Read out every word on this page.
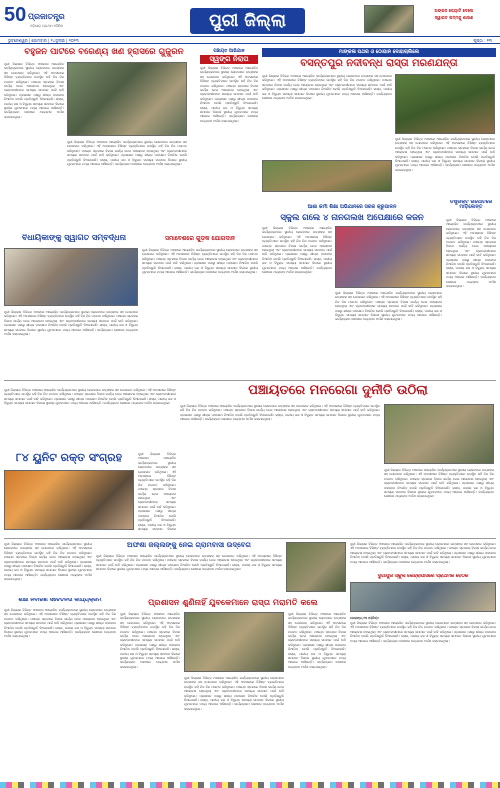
50 ପ୍ରଜାତନ୍ତ୍ର
ଓଡ଼ିଶାର ପ୍ରଥମ ଦୈନିକ	ପୁରୀ ଜିଲ୍ଲା
ଅଙ୍ଗନ ଜ୍ୟୋତି ଦେଲେ
ସ୍ୱାଗତ ପଦ୍ମକୁ ଶାରଣ
ଭୁବନେଶ୍ୱର | ସୋମବାର | ୨୪ଜୁଲାଇ | ୨୦୨୩	ପୃଷ୍ଠା : ୧୩
ବହୁଜନ ପାର୍ଟିରେ ବରେଣ୍ୟ ଖଣି ହ୍ରାସରେ ଗୁଜୁରନ
ପୁରୀ ଜିଲ୍ଲାର ବିଭିନ୍ନ ଅଞ୍ଚଳରେ ଆୟୋଜିତ କାର୍ଯ୍ୟକ୍ରମରେ ସ୍ଥାନୀୟ ଲୋକମାନେ ଉତ୍ସାହର ସହ ଯୋଗଦାନ କରିଥିଲେ। ଏହି ଅବସରରେ ବିଶିଷ୍ଟ ବ୍ୟକ୍ତିମାନେ ଉପସ୍ଥିତ ରହି ନିଜ ନିଜ ମତାମତ ରଖିଥିଲେ। ପଞ୍ଚାୟତ ସ୍ତରରେ ବିକାଶ କାର୍ଯ୍ୟ ନେଇ ଆଲୋଚନା ହୋଇଥିଲା ଏବଂ ଗ୍ରାମବାସୀମାନେ ସମସ୍ୟା ସମାଧାନ ପାଇଁ ଦାବି କରିଥିଲେ। ପ୍ରଶାସନ ପକ୍ଷରୁ ଶୀଘ୍ର ପଦକ୍ଷେପ ନିଆଯିବ ବୋଲି ପ୍ରତିଶ୍ରୁତି ଦିଆଯାଇଛି। ରାସ୍ତା, ପାନୀୟ ଜଳ ଓ ବିଦ୍ୟୁତ ସମସ୍ୟା ସମାଧାନ ଦିଗରେ ସ୍ଥାନୀୟ ଯୁବକମାନେ ମଧ୍ୟ ଆଗେଇ ଆସିଛନ୍ତି। କାର୍ଯ୍ୟକ୍ରମ ଶେଷରେ ଧନ୍ୟବାଦ ଅର୍ପଣ କରାଯାଇଥିଲା।
ପୁରୀ ଜିଲ୍ଲାର ବିଭିନ୍ନ ଅଞ୍ଚଳରେ ଆୟୋଜିତ କାର୍ଯ୍ୟକ୍ରମରେ ସ୍ଥାନୀୟ ଲୋକମାନେ ଉତ୍ସାହର ସହ ଯୋଗଦାନ କରିଥିଲେ। ଏହି ଅବସରରେ ବିଶିଷ୍ଟ ବ୍ୟକ୍ତିମାନେ ଉପସ୍ଥିତ ରହି ନିଜ ନିଜ ମତାମତ ରଖିଥିଲେ। ପଞ୍ଚାୟତ ସ୍ତରରେ ବିକାଶ କାର୍ଯ୍ୟ ନେଇ ଆଲୋଚନା ହୋଇଥିଲା ଏବଂ ଗ୍ରାମବାସୀମାନେ ସମସ୍ୟା ସମାଧାନ ପାଇଁ ଦାବି କରିଥିଲେ। ପ୍ରଶାସନ ପକ୍ଷରୁ ଶୀଘ୍ର ପଦକ୍ଷେପ ନିଆଯିବ ବୋଲି ପ୍ରତିଶ୍ରୁତି ଦିଆଯାଇଛି। ରାସ୍ତା, ପାନୀୟ ଜଳ ଓ ବିଦ୍ୟୁତ ସମସ୍ୟା ସମାଧାନ ଦିଗରେ ସ୍ଥାନୀୟ ଯୁବକମାନେ ମଧ୍ୟ ଆଗେଇ ଆସିଛନ୍ତି। କାର୍ଯ୍ୟକ୍ରମ ଶେଷରେ ଧନ୍ୟବାଦ ଅର୍ପଣ କରାଯାଇଥିଲା।
ପଞ୍ଚାୟତ ଆଭିଯାନ
ସ୍ୱଙ୍ଗ ନିରାପ
ପୁରୀ ଜିଲ୍ଲାର ବିଭିନ୍ନ ଅଞ୍ଚଳରେ ଆୟୋଜିତ କାର୍ଯ୍ୟକ୍ରମରେ ସ୍ଥାନୀୟ ଲୋକମାନେ ଉତ୍ସାହର ସହ ଯୋଗଦାନ କରିଥିଲେ। ଏହି ଅବସରରେ ବିଶିଷ୍ଟ ବ୍ୟକ୍ତିମାନେ ଉପସ୍ଥିତ ରହି ନିଜ ନିଜ ମତାମତ ରଖିଥିଲେ। ପଞ୍ଚାୟତ ସ୍ତରରେ ବିକାଶ କାର୍ଯ୍ୟ ନେଇ ଆଲୋଚନା ହୋଇଥିଲା ଏବଂ ଗ୍ରାମବାସୀମାନେ ସମସ୍ୟା ସମାଧାନ ପାଇଁ ଦାବି କରିଥିଲେ। ପ୍ରଶାସନ ପକ୍ଷରୁ ଶୀଘ୍ର ପଦକ୍ଷେପ ନିଆଯିବ ବୋଲି ପ୍ରତିଶ୍ରୁତି ଦିଆଯାଇଛି। ରାସ୍ତା, ପାନୀୟ ଜଳ ଓ ବିଦ୍ୟୁତ ସମସ୍ୟା ସମାଧାନ ଦିଗରେ ସ୍ଥାନୀୟ ଯୁବକମାନେ ମଧ୍ୟ ଆଗେଇ ଆସିଛନ୍ତି। କାର୍ଯ୍ୟକ୍ରମ ଶେଷରେ ଧନ୍ୟବାଦ ଅର୍ପଣ କରାଯାଇଥିଲା।
ମାଙ୍କଳା ପଥର ଓ ଠୋପାନ ଦୋହାଚାଲିଲେ
ବସନ୍ତପୁର ନଦୀବନ୍ଧ ରାସ୍ତା ମରଣଯନ୍ତା
ପୁରୀ ଜିଲ୍ଲାର ବିଭିନ୍ନ ଅଞ୍ଚଳରେ ଆୟୋଜିତ କାର୍ଯ୍ୟକ୍ରମରେ ସ୍ଥାନୀୟ ଲୋକମାନେ ଉତ୍ସାହର ସହ ଯୋଗଦାନ କରିଥିଲେ। ଏହି ଅବସରରେ ବିଶିଷ୍ଟ ବ୍ୟକ୍ତିମାନେ ଉପସ୍ଥିତ ରହି ନିଜ ନିଜ ମତାମତ ରଖିଥିଲେ। ପଞ୍ଚାୟତ ସ୍ତରରେ ବିକାଶ କାର୍ଯ୍ୟ ନେଇ ଆଲୋଚନା ହୋଇଥିଲା ଏବଂ ଗ୍ରାମବାସୀମାନେ ସମସ୍ୟା ସମାଧାନ ପାଇଁ ଦାବି କରିଥିଲେ। ପ୍ରଶାସନ ପକ୍ଷରୁ ଶୀଘ୍ର ପଦକ୍ଷେପ ନିଆଯିବ ବୋଲି ପ୍ରତିଶ୍ରୁତି ଦିଆଯାଇଛି। ରାସ୍ତା, ପାନୀୟ ଜଳ ଓ ବିଦ୍ୟୁତ ସମସ୍ୟା ସମାଧାନ ଦିଗରେ ସ୍ଥାନୀୟ ଯୁବକମାନେ ମଧ୍ୟ ଆଗେଇ ଆସିଛନ୍ତି। କାର୍ଯ୍ୟକ୍ରମ ଶେଷରେ ଧନ୍ୟବାଦ ଅର୍ପଣ କରାଯାଇଥିଲା।
ପୁରୀ ଜିଲ୍ଲାର ବିଭିନ୍ନ ଅଞ୍ଚଳରେ ଆୟୋଜିତ କାର୍ଯ୍ୟକ୍ରମରେ ସ୍ଥାନୀୟ ଲୋକମାନେ ଉତ୍ସାହର ସହ ଯୋଗଦାନ କରିଥିଲେ। ଏହି ଅବସରରେ ବିଶିଷ୍ଟ ବ୍ୟକ୍ତିମାନେ ଉପସ୍ଥିତ ରହି ନିଜ ନିଜ ମତାମତ ରଖିଥିଲେ। ପଞ୍ଚାୟତ ସ୍ତରରେ ବିକାଶ କାର୍ଯ୍ୟ ନେଇ ଆଲୋଚନା ହୋଇଥିଲା ଏବଂ ଗ୍ରାମବାସୀମାନେ ସମସ୍ୟା ସମାଧାନ ପାଇଁ ଦାବି କରିଥିଲେ। ପ୍ରଶାସନ ପକ୍ଷରୁ ଶୀଘ୍ର ପଦକ୍ଷେପ ନିଆଯିବ ବୋଲି ପ୍ରତିଶ୍ରୁତି ଦିଆଯାଇଛି। ରାସ୍ତା, ପାନୀୟ ଜଳ ଓ ବିଦ୍ୟୁତ ସମସ୍ୟା ସମାଧାନ ଦିଗରେ ସ୍ଥାନୀୟ ଯୁବକମାନେ ମଧ୍ୟ ଆଗେଇ ଆସିଛନ୍ତି। କାର୍ଯ୍ୟକ୍ରମ ଶେଷରେ ଧନ୍ୟବାଦ ଅର୍ପଣ କରାଯାଇଥିଲା।
ଆଶା କର୍ମୀ ଶିକ୍ଷା ଅଭିଯାନରେ ସରକ କ୍ରୁପାଳନ
ସ୍କୁଲ ଗଲେ ୪ ନାନଗଲଖ ଅପେକ୍ଷାରେ କଜନ
ପୁରୀ ଜିଲ୍ଲାର ବିଭିନ୍ନ ଅଞ୍ଚଳରେ ଆୟୋଜିତ କାର୍ଯ୍ୟକ୍ରମରେ ସ୍ଥାନୀୟ ଲୋକମାନେ ଉତ୍ସାହର ସହ ଯୋଗଦାନ କରିଥିଲେ। ଏହି ଅବସରରେ ବିଶିଷ୍ଟ ବ୍ୟକ୍ତିମାନେ ଉପସ୍ଥିତ ରହି ନିଜ ନିଜ ମତାମତ ରଖିଥିଲେ। ପଞ୍ଚାୟତ ସ୍ତରରେ ବିକାଶ କାର୍ଯ୍ୟ ନେଇ ଆଲୋଚନା ହୋଇଥିଲା ଏବଂ ଗ୍ରାମବାସୀମାନେ ସମସ୍ୟା ସମାଧାନ ପାଇଁ ଦାବି କରିଥିଲେ। ପ୍ରଶାସନ ପକ୍ଷରୁ ଶୀଘ୍ର ପଦକ୍ଷେପ ନିଆଯିବ ବୋଲି ପ୍ରତିଶ୍ରୁତି ଦିଆଯାଇଛି। ରାସ୍ତା, ପାନୀୟ ଜଳ ଓ ବିଦ୍ୟୁତ ସମସ୍ୟା ସମାଧାନ ଦିଗରେ ସ୍ଥାନୀୟ ଯୁବକମାନେ ମଧ୍ୟ ଆଗେଇ ଆସିଛନ୍ତି। କାର୍ଯ୍ୟକ୍ରମ ଶେଷରେ ଧନ୍ୟବାଦ ଅର୍ପଣ କରାଯାଇଥିଲା।
ପୁରୀ ଜିଲ୍ଲାର ବିଭିନ୍ନ ଅଞ୍ଚଳରେ ଆୟୋଜିତ କାର୍ଯ୍ୟକ୍ରମରେ ସ୍ଥାନୀୟ ଲୋକମାନେ ଉତ୍ସାହର ସହ ଯୋଗଦାନ କରିଥିଲେ। ଏହି ଅବସରରେ ବିଶିଷ୍ଟ ବ୍ୟକ୍ତିମାନେ ଉପସ୍ଥିତ ରହି ନିଜ ନିଜ ମତାମତ ରଖିଥିଲେ। ପଞ୍ଚାୟତ ସ୍ତରରେ ବିକାଶ କାର୍ଯ୍ୟ ନେଇ ଆଲୋଚନା ହୋଇଥିଲା ଏବଂ ଗ୍ରାମବାସୀମାନେ ସମସ୍ୟା ସମାଧାନ ପାଇଁ ଦାବି କରିଥିଲେ। ପ୍ରଶାସନ ପକ୍ଷରୁ ଶୀଘ୍ର ପଦକ୍ଷେପ ନିଆଯିବ ବୋଲି ପ୍ରତିଶ୍ରୁତି ଦିଆଯାଇଛି। ରାସ୍ତା, ପାନୀୟ ଜଳ ଓ ବିଦ୍ୟୁତ ସମସ୍ୟା ସମାଧାନ ଦିଗରେ ସ୍ଥାନୀୟ ଯୁବକମାନେ ମଧ୍ୟ ଆଗେଇ ଆସିଛନ୍ତି। କାର୍ଯ୍ୟକ୍ରମ ଶେଷରେ ଧନ୍ୟବାଦ ଅର୍ପଣ କରାଯାଇଥିଲା।
ଡିଷ୍ଟ୍ରିକ୍ଟ ରିପୋର୍ଟରେ ମାଡ଼ିଲେନ୍ତ
ପୁରୀ ଜିଲ୍ଲାର ବିଭିନ୍ନ ଅଞ୍ଚଳରେ ଆୟୋଜିତ କାର୍ଯ୍ୟକ୍ରମରେ ସ୍ଥାନୀୟ ଲୋକମାନେ ଉତ୍ସାହର ସହ ଯୋଗଦାନ କରିଥିଲେ। ଏହି ଅବସରରେ ବିଶିଷ୍ଟ ବ୍ୟକ୍ତିମାନେ ଉପସ୍ଥିତ ରହି ନିଜ ନିଜ ମତାମତ ରଖିଥିଲେ। ପଞ୍ଚାୟତ ସ୍ତରରେ ବିକାଶ କାର୍ଯ୍ୟ ନେଇ ଆଲୋଚନା ହୋଇଥିଲା ଏବଂ ଗ୍ରାମବାସୀମାନେ ସମସ୍ୟା ସମାଧାନ ପାଇଁ ଦାବି କରିଥିଲେ। ପ୍ରଶାସନ ପକ୍ଷରୁ ଶୀଘ୍ର ପଦକ୍ଷେପ ନିଆଯିବ ବୋଲି ପ୍ରତିଶ୍ରୁତି ଦିଆଯାଇଛି। ରାସ୍ତା, ପାନୀୟ ଜଳ ଓ ବିଦ୍ୟୁତ ସମସ୍ୟା ସମାଧାନ ଦିଗରେ ସ୍ଥାନୀୟ ଯୁବକମାନେ ମଧ୍ୟ ଆଗେଇ ଆସିଛନ୍ତି। କାର୍ଯ୍ୟକ୍ରମ ଶେଷରେ ଧନ୍ୟବାଦ ଅର୍ପଣ କରାଯାଇଥିଲା।
ବିଧାୟିକାଙ୍କୁ ସ୍ୱାଗତ ସମ୍ବର୍ଦ୍ଧନା
ପୁରୀ ଜିଲ୍ଲାର ବିଭିନ୍ନ ଅଞ୍ଚଳରେ ଆୟୋଜିତ କାର୍ଯ୍ୟକ୍ରମରେ ସ୍ଥାନୀୟ ଲୋକମାନେ ଉତ୍ସାହର ସହ ଯୋଗଦାନ କରିଥିଲେ। ଏହି ଅବସରରେ ବିଶିଷ୍ଟ ବ୍ୟକ୍ତିମାନେ ଉପସ୍ଥିତ ରହି ନିଜ ନିଜ ମତାମତ ରଖିଥିଲେ। ପଞ୍ଚାୟତ ସ୍ତରରେ ବିକାଶ କାର୍ଯ୍ୟ ନେଇ ଆଲୋଚନା ହୋଇଥିଲା ଏବଂ ଗ୍ରାମବାସୀମାନେ ସମସ୍ୟା ସମାଧାନ ପାଇଁ ଦାବି କରିଥିଲେ। ପ୍ରଶାସନ ପକ୍ଷରୁ ଶୀଘ୍ର ପଦକ୍ଷେପ ନିଆଯିବ ବୋଲି ପ୍ରତିଶ୍ରୁତି ଦିଆଯାଇଛି। ରାସ୍ତା, ପାନୀୟ ଜଳ ଓ ବିଦ୍ୟୁତ ସମସ୍ୟା ସମାଧାନ ଦିଗରେ ସ୍ଥାନୀୟ ଯୁବକମାନେ ମଧ୍ୟ ଆଗେଇ ଆସିଛନ୍ତି। କାର୍ଯ୍ୟକ୍ରମ ଶେଷରେ ଧନ୍ୟବାଦ ଅର୍ପଣ କରାଯାଇଥିଲା।
ସମାବେଶରେ ଗୁଡ଼ିକ ଯୋଗଦାନ
ପୁରୀ ଜିଲ୍ଲାର ବିଭିନ୍ନ ଅଞ୍ଚଳରେ ଆୟୋଜିତ କାର୍ଯ୍ୟକ୍ରମରେ ସ୍ଥାନୀୟ ଲୋକମାନେ ଉତ୍ସାହର ସହ ଯୋଗଦାନ କରିଥିଲେ। ଏହି ଅବସରରେ ବିଶିଷ୍ଟ ବ୍ୟକ୍ତିମାନେ ଉପସ୍ଥିତ ରହି ନିଜ ନିଜ ମତାମତ ରଖିଥିଲେ। ପଞ୍ଚାୟତ ସ୍ତରରେ ବିକାଶ କାର୍ଯ୍ୟ ନେଇ ଆଲୋଚନା ହୋଇଥିଲା ଏବଂ ଗ୍ରାମବାସୀମାନେ ସମସ୍ୟା ସମାଧାନ ପାଇଁ ଦାବି କରିଥିଲେ। ପ୍ରଶାସନ ପକ୍ଷରୁ ଶୀଘ୍ର ପଦକ୍ଷେପ ନିଆଯିବ ବୋଲି ପ୍ରତିଶ୍ରୁତି ଦିଆଯାଇଛି। ରାସ୍ତା, ପାନୀୟ ଜଳ ଓ ବିଦ୍ୟୁତ ସମସ୍ୟା ସମାଧାନ ଦିଗରେ ସ୍ଥାନୀୟ ଯୁବକମାନେ ମଧ୍ୟ ଆଗେଇ ଆସିଛନ୍ତି। କାର୍ଯ୍ୟକ୍ରମ ଶେଷରେ ଧନ୍ୟବାଦ ଅର୍ପଣ କରାଯାଇଥିଲା।
ପଞ୍ଚାୟତରେ ମନରେଗା ଦୁର୍ନୀତି ଉଠିଲା
ପୁରୀ ଜିଲ୍ଲାର ବିଭିନ୍ନ ଅଞ୍ଚଳରେ ଆୟୋଜିତ କାର୍ଯ୍ୟକ୍ରମରେ ସ୍ଥାନୀୟ ଲୋକମାନେ ଉତ୍ସାହର ସହ ଯୋଗଦାନ କରିଥିଲେ। ଏହି ଅବସରରେ ବିଶିଷ୍ଟ ବ୍ୟକ୍ତିମାନେ ଉପସ୍ଥିତ ରହି ନିଜ ନିଜ ମତାମତ ରଖିଥିଲେ। ପଞ୍ଚାୟତ ସ୍ତରରେ ବିକାଶ କାର୍ଯ୍ୟ ନେଇ ଆଲୋଚନା ହୋଇଥିଲା ଏବଂ ଗ୍ରାମବାସୀମାନେ ସମସ୍ୟା ସମାଧାନ ପାଇଁ ଦାବି କରିଥିଲେ। ପ୍ରଶାସନ ପକ୍ଷରୁ ଶୀଘ୍ର ପଦକ୍ଷେପ ନିଆଯିବ ବୋଲି ପ୍ରତିଶ୍ରୁତି ଦିଆଯାଇଛି। ରାସ୍ତା, ପାନୀୟ ଜଳ ଓ ବିଦ୍ୟୁତ ସମସ୍ୟା ସମାଧାନ ଦିଗରେ ସ୍ଥାନୀୟ ଯୁବକମାନେ ମଧ୍ୟ ଆଗେଇ ଆସିଛନ୍ତି। କାର୍ଯ୍ୟକ୍ରମ ଶେଷରେ ଧନ୍ୟବାଦ ଅର୍ପଣ କରାଯାଇଥିଲା।
ପୁରୀ ଜିଲ୍ଲାର ବିଭିନ୍ନ ଅଞ୍ଚଳରେ ଆୟୋଜିତ କାର୍ଯ୍ୟକ୍ରମରେ ସ୍ଥାନୀୟ ଲୋକମାନେ ଉତ୍ସାହର ସହ ଯୋଗଦାନ କରିଥିଲେ। ଏହି ଅବସରରେ ବିଶିଷ୍ଟ ବ୍ୟକ୍ତିମାନେ ଉପସ୍ଥିତ ରହି ନିଜ ନିଜ ମତାମତ ରଖିଥିଲେ। ପଞ୍ଚାୟତ ସ୍ତରରେ ବିକାଶ କାର୍ଯ୍ୟ ନେଇ ଆଲୋଚନା ହୋଇଥିଲା ଏବଂ ଗ୍ରାମବାସୀମାନେ ସମସ୍ୟା ସମାଧାନ ପାଇଁ ଦାବି କରିଥିଲେ। ପ୍ରଶାସନ ପକ୍ଷରୁ ଶୀଘ୍ର ପଦକ୍ଷେପ ନିଆଯିବ ବୋଲି ପ୍ରତିଶ୍ରୁତି ଦିଆଯାଇଛି। ରାସ୍ତା, ପାନୀୟ ଜଳ ଓ ବିଦ୍ୟୁତ ସମସ୍ୟା ସମାଧାନ ଦିଗରେ ସ୍ଥାନୀୟ ଯୁବକମାନେ ମଧ୍ୟ ଆଗେଇ ଆସିଛନ୍ତି। କାର୍ଯ୍ୟକ୍ରମ ଶେଷରେ ଧନ୍ୟବାଦ ଅର୍ପଣ କରାଯାଇଥିଲା।
୮୪ ୟୁନିଟ ରକ୍ତ ସଂଗ୍ରହ
ପୁରୀ ଜିଲ୍ଲାର ବିଭିନ୍ନ ଅଞ୍ଚଳରେ ଆୟୋଜିତ କାର୍ଯ୍ୟକ୍ରମରେ ସ୍ଥାନୀୟ ଲୋକମାନେ ଉତ୍ସାହର ସହ ଯୋଗଦାନ କରିଥିଲେ। ଏହି ଅବସରରେ ବିଶିଷ୍ଟ ବ୍ୟକ୍ତିମାନେ ଉପସ୍ଥିତ ରହି ନିଜ ନିଜ ମତାମତ ରଖିଥିଲେ। ପଞ୍ଚାୟତ ସ୍ତରରେ ବିକାଶ କାର୍ଯ୍ୟ ନେଇ ଆଲୋଚନା ହୋଇଥିଲା ଏବଂ ଗ୍ରାମବାସୀମାନେ ସମସ୍ୟା ସମାଧାନ ପାଇଁ ଦାବି କରିଥିଲେ। ପ୍ରଶାସନ ପକ୍ଷରୁ ଶୀଘ୍ର ପଦକ୍ଷେପ ନିଆଯିବ ବୋଲି ପ୍ରତିଶ୍ରୁତି ଦିଆଯାଇଛି। ରାସ୍ତା, ପାନୀୟ ଜଳ ଓ ବିଦ୍ୟୁତ ସମସ୍ୟା ସମାଧାନ ଦିଗରେ ସ୍ଥାନୀୟ ଯୁବକମାନେ ମଧ୍ୟ ଆଗେଇ ଆସିଛନ୍ତି। କାର୍ଯ୍ୟକ୍ରମ ଶେଷରେ ଧନ୍ୟବାଦ ଅର୍ପଣ କରାଯାଇଥିଲା।
ପୁରୀ ଜିଲ୍ଲାର ବିଭିନ୍ନ ଅଞ୍ଚଳରେ ଆୟୋଜିତ କାର୍ଯ୍ୟକ୍ରମରେ ସ୍ଥାନୀୟ ଲୋକମାନେ ଉତ୍ସାହର ସହ ଯୋଗଦାନ କରିଥିଲେ। ଏହି ଅବସରରେ ବିଶିଷ୍ଟ ବ୍ୟକ୍ତିମାନେ ଉପସ୍ଥିତ ରହି ନିଜ ନିଜ ମତାମତ ରଖିଥିଲେ। ପଞ୍ଚାୟତ ସ୍ତରରେ ବିକାଶ କାର୍ଯ୍ୟ ନେଇ ଆଲୋଚନା ହୋଇଥିଲା ଏବଂ ଗ୍ରାମବାସୀମାନେ ସମସ୍ୟା ସମାଧାନ ପାଇଁ ଦାବି କରିଥିଲେ। ପ୍ରଶାସନ ପକ୍ଷରୁ ଶୀଘ୍ର ପଦକ୍ଷେପ ନିଆଯିବ ବୋଲି ପ୍ରତିଶ୍ରୁତି ଦିଆଯାଇଛି। ରାସ୍ତା, ପାନୀୟ ଜଳ ଓ ବିଦ୍ୟୁତ ସମସ୍ୟା ସମାଧାନ ଦିଗରେ
ଅଫଶା ଜଲ୍ଲଙ୍କୁ ନେଇ ଗ୍ରାମବାସୀ ଉଦ୍ବେଗ
ପୁରୀ ଜିଲ୍ଲାର ବିଭିନ୍ନ ଅଞ୍ଚଳରେ ଆୟୋଜିତ କାର୍ଯ୍ୟକ୍ରମରେ ସ୍ଥାନୀୟ ଲୋକମାନେ ଉତ୍ସାହର ସହ ଯୋଗଦାନ କରିଥିଲେ। ଏହି ଅବସରରେ ବିଶିଷ୍ଟ ବ୍ୟକ୍ତିମାନେ ଉପସ୍ଥିତ ରହି ନିଜ ନିଜ ମତାମତ ରଖିଥିଲେ। ପଞ୍ଚାୟତ ସ୍ତରରେ ବିକାଶ କାର୍ଯ୍ୟ ନେଇ ଆଲୋଚନା ହୋଇଥିଲା ଏବଂ ଗ୍ରାମବାସୀମାନେ ସମସ୍ୟା ସମାଧାନ ପାଇଁ ଦାବି କରିଥିଲେ। ପ୍ରଶାସନ ପକ୍ଷରୁ ଶୀଘ୍ର ପଦକ୍ଷେପ ନିଆଯିବ ବୋଲି ପ୍ରତିଶ୍ରୁତି ଦିଆଯାଇଛି। ରାସ୍ତା, ପାନୀୟ ଜଳ ଓ ବିଦ୍ୟୁତ ସମସ୍ୟା ସମାଧାନ ଦିଗରେ ସ୍ଥାନୀୟ ଯୁବକମାନେ ମଧ୍ୟ ଆଗେଇ ଆସିଛନ୍ତି। କାର୍ଯ୍ୟକ୍ରମ ଶେଷରେ ଧନ୍ୟବାଦ ଅର୍ପଣ କରାଯାଇଥିଲା।
ପୁରୀ ଜିଲ୍ଲାର ବିଭିନ୍ନ ଅଞ୍ଚଳରେ ଆୟୋଜିତ କାର୍ଯ୍ୟକ୍ରମରେ ସ୍ଥାନୀୟ ଲୋକମାନେ ଉତ୍ସାହର ସହ ଯୋଗଦାନ କରିଥିଲେ। ଏହି ଅବସରରେ ବିଶିଷ୍ଟ ବ୍ୟକ୍ତିମାନେ ଉପସ୍ଥିତ ରହି ନିଜ ନିଜ ମତାମତ ରଖିଥିଲେ। ପଞ୍ଚାୟତ ସ୍ତରରେ ବିକାଶ କାର୍ଯ୍ୟ ନେଇ ଆଲୋଚନା ହୋଇଥିଲା ଏବଂ ଗ୍ରାମବାସୀମାନେ ସମସ୍ୟା ସମାଧାନ ପାଇଁ ଦାବି କରିଥିଲେ। ପ୍ରଶାସନ ପକ୍ଷରୁ ଶୀଘ୍ର ପଦକ୍ଷେପ ନିଆଯିବ ବୋଲି ପ୍ରତିଶ୍ରୁତି ଦିଆଯାଇଛି। ରାସ୍ତା, ପାନୀୟ ଜଳ ଓ ବିଦ୍ୟୁତ ସମସ୍ୟା ସମାଧାନ ଦିଗରେ ସ୍ଥାନୀୟ ଯୁବକମାନେ ମଧ୍ୟ ଆଗେଇ ଆସିଛନ୍ତି। କାର୍ଯ୍ୟକ୍ରମ ଶେଷରେ ଧନ୍ୟବାଦ ଅର୍ପଣ କରାଯାଇଥିଲା।
ପୁରୀ ଜିଲ୍ଲାର ବିଭିନ୍ନ ଅଞ୍ଚଳରେ ଆୟୋଜିତ କାର୍ଯ୍ୟକ୍ରମରେ ସ୍ଥାନୀୟ ଲୋକମାନେ ଉତ୍ସାହର ସହ ଯୋଗଦାନ କରିଥିଲେ। ଏହି ଅବସରରେ ବିଶିଷ୍ଟ ବ୍ୟକ୍ତିମାନେ ଉପସ୍ଥିତ ରହି ନିଜ ନିଜ ମତାମତ ରଖିଥିଲେ। ପଞ୍ଚାୟତ ସ୍ତରରେ ବିକାଶ କାର୍ଯ୍ୟ ନେଇ ଆଲୋଚନା ହୋଇଥିଲା ଏବଂ ଗ୍ରାମବାସୀମାନେ ସମସ୍ୟା ସମାଧାନ ପାଇଁ ଦାବି କରିଥିଲେ। ପ୍ରଶାସନ ପକ୍ଷରୁ ଶୀଘ୍ର ପଦକ୍ଷେପ ନିଆଯିବ ବୋଲି ପ୍ରତିଶ୍ରୁତି ଦିଆଯାଇଛି। ରାସ୍ତା, ପାନୀୟ ଜଳ ଓ ବିଦ୍ୟୁତ ସମସ୍ୟା ସମାଧାନ ଦିଗରେ ସ୍ଥାନୀୟ ଯୁବକମାନେ ମଧ୍ୟ ଆଗେଇ ଆସିଛନ୍ତି। କାର୍ଯ୍ୟକ୍ରମ ଶେଷରେ ଧନ୍ୟବାଦ ଅର୍ପଣ କରାଯାଇଥିଲା।
ଦୁର୍ଗାପୁର ସ୍କୁଲ କେନ୍ଦ୍ରାପାସରେ ପ୍ରାଥମିକ ବୈଠକ
ଶିକ୍ଷା ନିବାରଣ ସଚେତନତା କାର୍ଯ୍ୟକ୍ରମ
ପୁରୀ ଜିଲ୍ଲାର ବିଭିନ୍ନ ଅଞ୍ଚଳରେ ଆୟୋଜିତ କାର୍ଯ୍ୟକ୍ରମରେ ସ୍ଥାନୀୟ ଲୋକମାନେ ଉତ୍ସାହର ସହ ଯୋଗଦାନ କରିଥିଲେ। ଏହି ଅବସରରେ ବିଶିଷ୍ଟ ବ୍ୟକ୍ତିମାନେ ଉପସ୍ଥିତ ରହି ନିଜ ନିଜ ମତାମତ ରଖିଥିଲେ। ପଞ୍ଚାୟତ ସ୍ତରରେ ବିକାଶ କାର୍ଯ୍ୟ ନେଇ ଆଲୋଚନା ହୋଇଥିଲା ଏବଂ ଗ୍ରାମବାସୀମାନେ ସମସ୍ୟା ସମାଧାନ ପାଇଁ ଦାବି କରିଥିଲେ। ପ୍ରଶାସନ ପକ୍ଷରୁ ଶୀଘ୍ର ପଦକ୍ଷେପ ନିଆଯିବ ବୋଲି ପ୍ରତିଶ୍ରୁତି ଦିଆଯାଇଛି। ରାସ୍ତା, ପାନୀୟ ଜଳ ଓ ବିଦ୍ୟୁତ ସମସ୍ୟା ସମାଧାନ ଦିଗରେ ସ୍ଥାନୀୟ ଯୁବକମାନେ ମଧ୍ୟ ଆଗେଇ ଆସିଛନ୍ତି। କାର୍ଯ୍ୟକ୍ରମ ଶେଷରେ ଧନ୍ୟବାଦ ଅର୍ପଣ କରାଯାଇଥିଲା।
ପ୍ରଶାସନ ଶୁଣିନାହିଁ ଯୁବକେମାନେ ରାସ୍ତା ମରାମତି କଲେ
ପୁରୀ ଜିଲ୍ଲାର ବିଭିନ୍ନ ଅଞ୍ଚଳରେ ଆୟୋଜିତ କାର୍ଯ୍ୟକ୍ରମରେ ସ୍ଥାନୀୟ ଲୋକମାନେ ଉତ୍ସାହର ସହ ଯୋଗଦାନ କରିଥିଲେ। ଏହି ଅବସରରେ ବିଶିଷ୍ଟ ବ୍ୟକ୍ତିମାନେ ଉପସ୍ଥିତ ରହି ନିଜ ନିଜ ମତାମତ ରଖିଥିଲେ। ପଞ୍ଚାୟତ ସ୍ତରରେ ବିକାଶ କାର୍ଯ୍ୟ ନେଇ ଆଲୋଚନା ହୋଇଥିଲା ଏବଂ ଗ୍ରାମବାସୀମାନେ ସମସ୍ୟା ସମାଧାନ ପାଇଁ ଦାବି କରିଥିଲେ। ପ୍ରଶାସନ ପକ୍ଷରୁ ଶୀଘ୍ର ପଦକ୍ଷେପ ନିଆଯିବ ବୋଲି ପ୍ରତିଶ୍ରୁତି ଦିଆଯାଇଛି। ରାସ୍ତା, ପାନୀୟ ଜଳ ଓ ବିଦ୍ୟୁତ ସମସ୍ୟା ସମାଧାନ ଦିଗରେ ସ୍ଥାନୀୟ ଯୁବକମାନେ ମଧ୍ୟ ଆଗେଇ ଆସିଛନ୍ତି। କାର୍ଯ୍ୟକ୍ରମ ଶେଷରେ ଧନ୍ୟବାଦ ଅର୍ପଣ କରାଯାଇଥିଲା।
ପୁରୀ ଜିଲ୍ଲାର ବିଭିନ୍ନ ଅଞ୍ଚଳରେ ଆୟୋଜିତ କାର୍ଯ୍ୟକ୍ରମରେ ସ୍ଥାନୀୟ ଲୋକମାନେ ଉତ୍ସାହର ସହ ଯୋଗଦାନ କରିଥିଲେ। ଏହି ଅବସରରେ ବିଶିଷ୍ଟ ବ୍ୟକ୍ତିମାନେ ଉପସ୍ଥିତ ରହି ନିଜ ନିଜ ମତାମତ ରଖିଥିଲେ। ପଞ୍ଚାୟତ ସ୍ତରରେ ବିକାଶ କାର୍ଯ୍ୟ ନେଇ ଆଲୋଚନା ହୋଇଥିଲା ଏବଂ ଗ୍ରାମବାସୀମାନେ ସମସ୍ୟା ସମାଧାନ ପାଇଁ ଦାବି କରିଥିଲେ। ପ୍ରଶାସନ ପକ୍ଷରୁ ଶୀଘ୍ର ପଦକ୍ଷେପ ନିଆଯିବ ବୋଲି ପ୍ରତିଶ୍ରୁତି ଦିଆଯାଇଛି। ରାସ୍ତା, ପାନୀୟ ଜଳ ଓ ବିଦ୍ୟୁତ ସମସ୍ୟା ସମାଧାନ ଦିଗରେ ସ୍ଥାନୀୟ ଯୁବକମାନେ ମଧ୍ୟ ଆଗେଇ ଆସିଛନ୍ତି। କାର୍ଯ୍ୟକ୍ରମ ଶେଷରେ ଧନ୍ୟବାଦ ଅର୍ପଣ କରାଯାଇଥିଲା।
ପୁରୀ ଜିଲ୍ଲାର ବିଭିନ୍ନ ଅଞ୍ଚଳରେ ଆୟୋଜିତ କାର୍ଯ୍ୟକ୍ରମରେ ସ୍ଥାନୀୟ ଲୋକମାନେ ଉତ୍ସାହର ସହ ଯୋଗଦାନ କରିଥିଲେ। ଏହି ଅବସରରେ ବିଶିଷ୍ଟ ବ୍ୟକ୍ତିମାନେ ଉପସ୍ଥିତ ରହି ନିଜ ନିଜ ମତାମତ ରଖିଥିଲେ। ପଞ୍ଚାୟତ ସ୍ତରରେ ବିକାଶ କାର୍ଯ୍ୟ ନେଇ ଆଲୋଚନା ହୋଇଥିଲା ଏବଂ ଗ୍ରାମବାସୀମାନେ ସମସ୍ୟା ସମାଧାନ ପାଇଁ ଦାବି କରିଥିଲେ। ପ୍ରଶାସନ ପକ୍ଷରୁ ଶୀଘ୍ର ପଦକ୍ଷେପ ନିଆଯିବ ବୋଲି ପ୍ରତିଶ୍ରୁତି ଦିଆଯାଇଛି। ରାସ୍ତା, ପାନୀୟ ଜଳ ଓ ବିଦ୍ୟୁତ ସମସ୍ୟା ସମାଧାନ ଦିଗରେ ସ୍ଥାନୀୟ ଯୁବକମାନେ ମଧ୍ୟ ଆଗେଇ ଆସିଛନ୍ତି। କାର୍ଯ୍ୟକ୍ରମ ଶେଷରେ ଧନ୍ୟବାଦ ଅର୍ପଣ କରାଯାଇଥିଲା।
ଡେଲାଙ୍ଗ,୨୩।୭(ନିସ):
ପୁରୀ ଜିଲ୍ଲାର ବିଭିନ୍ନ ଅଞ୍ଚଳରେ ଆୟୋଜିତ କାର୍ଯ୍ୟକ୍ରମରେ ସ୍ଥାନୀୟ ଲୋକମାନେ ଉତ୍ସାହର ସହ ଯୋଗଦାନ କରିଥିଲେ। ଏହି ଅବସରରେ ବିଶିଷ୍ଟ ବ୍ୟକ୍ତିମାନେ ଉପସ୍ଥିତ ରହି ନିଜ ନିଜ ମତାମତ ରଖିଥିଲେ। ପଞ୍ଚାୟତ ସ୍ତରରେ ବିକାଶ କାର୍ଯ୍ୟ ନେଇ ଆଲୋଚନା ହୋଇଥିଲା ଏବଂ ଗ୍ରାମବାସୀମାନେ ସମସ୍ୟା ସମାଧାନ ପାଇଁ ଦାବି କରିଥିଲେ। ପ୍ରଶାସନ ପକ୍ଷରୁ ଶୀଘ୍ର ପଦକ୍ଷେପ ନିଆଯିବ ବୋଲି ପ୍ରତିଶ୍ରୁତି ଦିଆଯାଇଛି। ରାସ୍ତା, ପାନୀୟ ଜଳ ଓ ବିଦ୍ୟୁତ ସମସ୍ୟା ସମାଧାନ ଦିଗରେ ସ୍ଥାନୀୟ ଯୁବକମାନେ ମଧ୍ୟ ଆଗେଇ ଆସିଛନ୍ତି। କାର୍ଯ୍ୟକ୍ରମ ଶେଷରେ ଧନ୍ୟବାଦ ଅର୍ପଣ କରାଯାଇଥିଲା।
